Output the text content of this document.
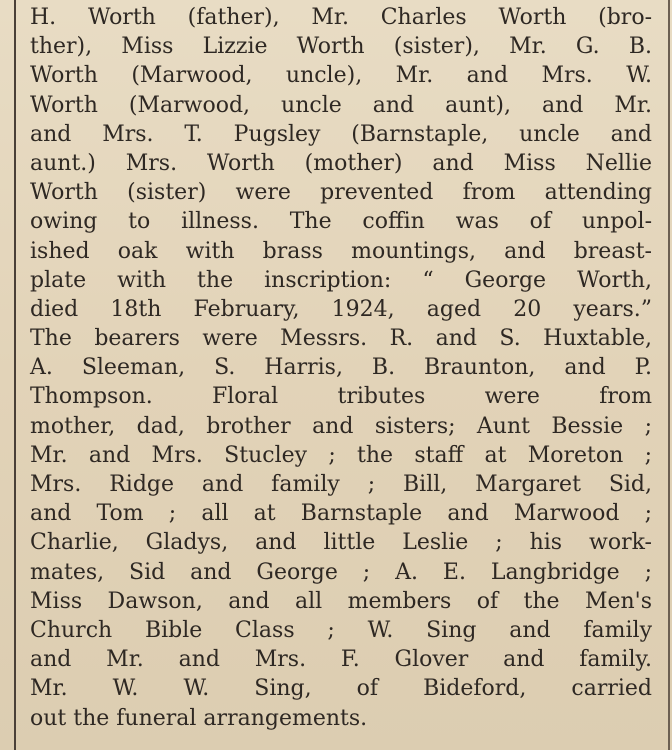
H. Worth (father), Mr. Charles Worth (bro-
ther), Miss Lizzie Worth (sister), Mr. G. B.
Worth (Marwood, uncle), Mr. and Mrs. W.
Worth (Marwood, uncle and aunt), and Mr.
and Mrs. T. Pugsley (Barnstaple, uncle and
aunt.) Mrs. Worth (mother) and Miss Nellie
Worth (sister) were prevented from attending
owing to illness. The coffin was of unpol-
ished oak with brass mountings, and breast-
plate with the inscription: “ George Worth,
died 18th February, 1924, aged 20 years.”
The bearers were Messrs. R. and S. Huxtable,
A. Sleeman, S. Harris, B. Braunton, and P.
Thompson. Floral tributes were from
mother, dad, brother and sisters; Aunt Bessie ;
Mr. and Mrs. Stucley ; the staff at Moreton ;
Mrs. Ridge and family ; Bill, Margaret Sid,
and Tom ; all at Barnstaple and Marwood ;
Charlie, Gladys, and little Leslie ; his work-
mates, Sid and George ; A. E. Langbridge ;
Miss Dawson, and all members of the Men's
Church Bible Class ; W. Sing and family
and Mr. and Mrs. F. Glover and family.
Mr. W. W. Sing, of Bideford, carried
out the funeral arrangements.
